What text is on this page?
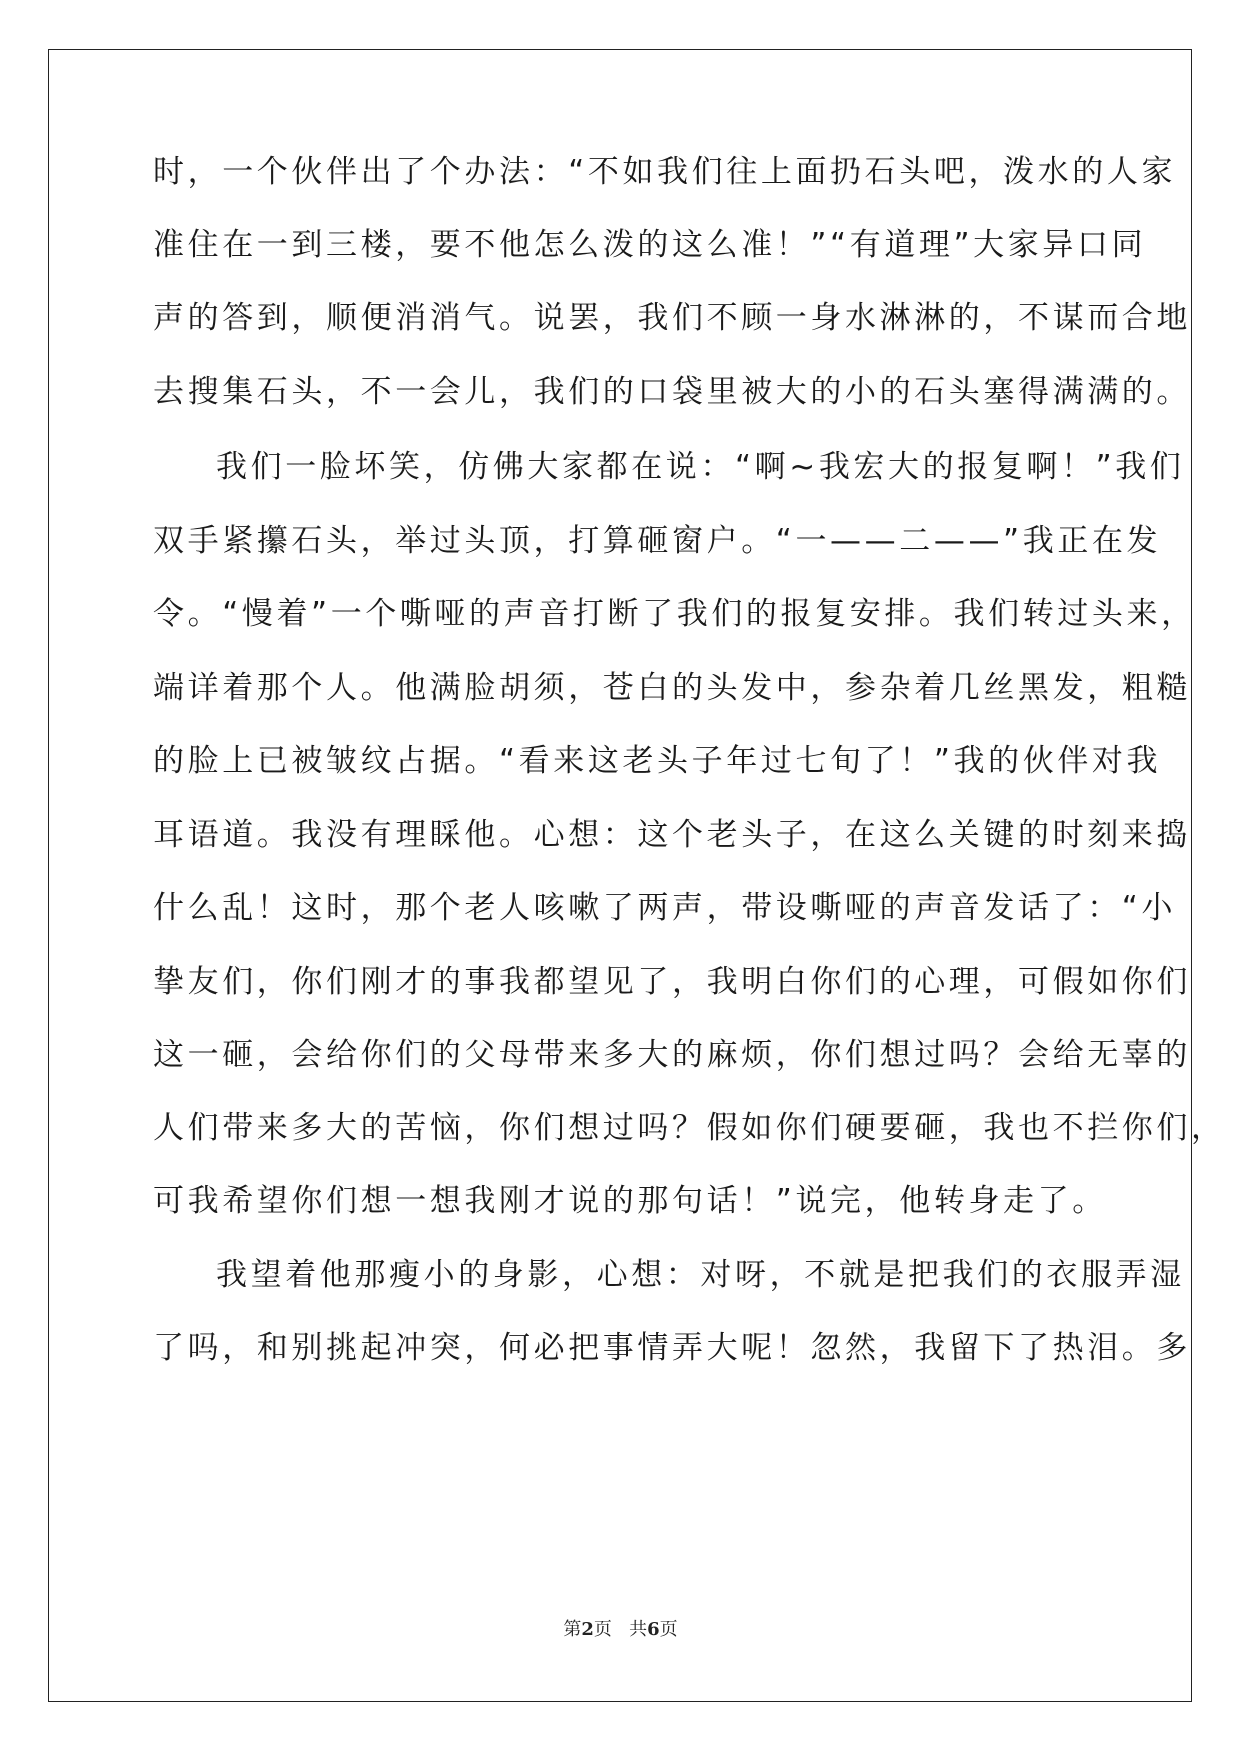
时，一个伙伴出了个办法：“不如我们往上面扔石头吧，泼水的人家
准住在一到三楼，要不他怎么泼的这么准！”“有道理”大家异口同
声的答到，顺便消消气。说罢，我们不顾一身水淋淋的，不谋而合地
去搜集石头，不一会儿，我们的口袋里被大的小的石头塞得满满的。
我们一脸坏笑，仿佛大家都在说：“啊~我宏大的报复啊！”我们
双手紧攥石头，举过头顶，打算砸窗户。“一——二——”我正在发
令。“慢着”一个嘶哑的声音打断了我们的报复安排。我们转过头来，
端详着那个人。他满脸胡须，苍白的头发中，参杂着几丝黑发，粗糙
的脸上已被皱纹占据。“看来这老头子年过七旬了！”我的伙伴对我
耳语道。我没有理睬他。心想：这个老头子，在这么关键的时刻来捣
什么乱！这时，那个老人咳嗽了两声，带设嘶哑的声音发话了：“小
挚友们，你们刚才的事我都望见了，我明白你们的心理，可假如你们
这一砸，会给你们的父母带来多大的麻烦，你们想过吗？会给无辜的
人们带来多大的苦恼，你们想过吗？假如你们硬要砸，我也不拦你们，
可我希望你们想一想我刚才说的那句话！”说完，他转身走了。
我望着他那瘦小的身影，心想：对呀，不就是把我们的衣服弄湿
了吗，和别挑起冲突，何必把事情弄大呢！忽然，我留下了热泪。多
第2页 共6页
